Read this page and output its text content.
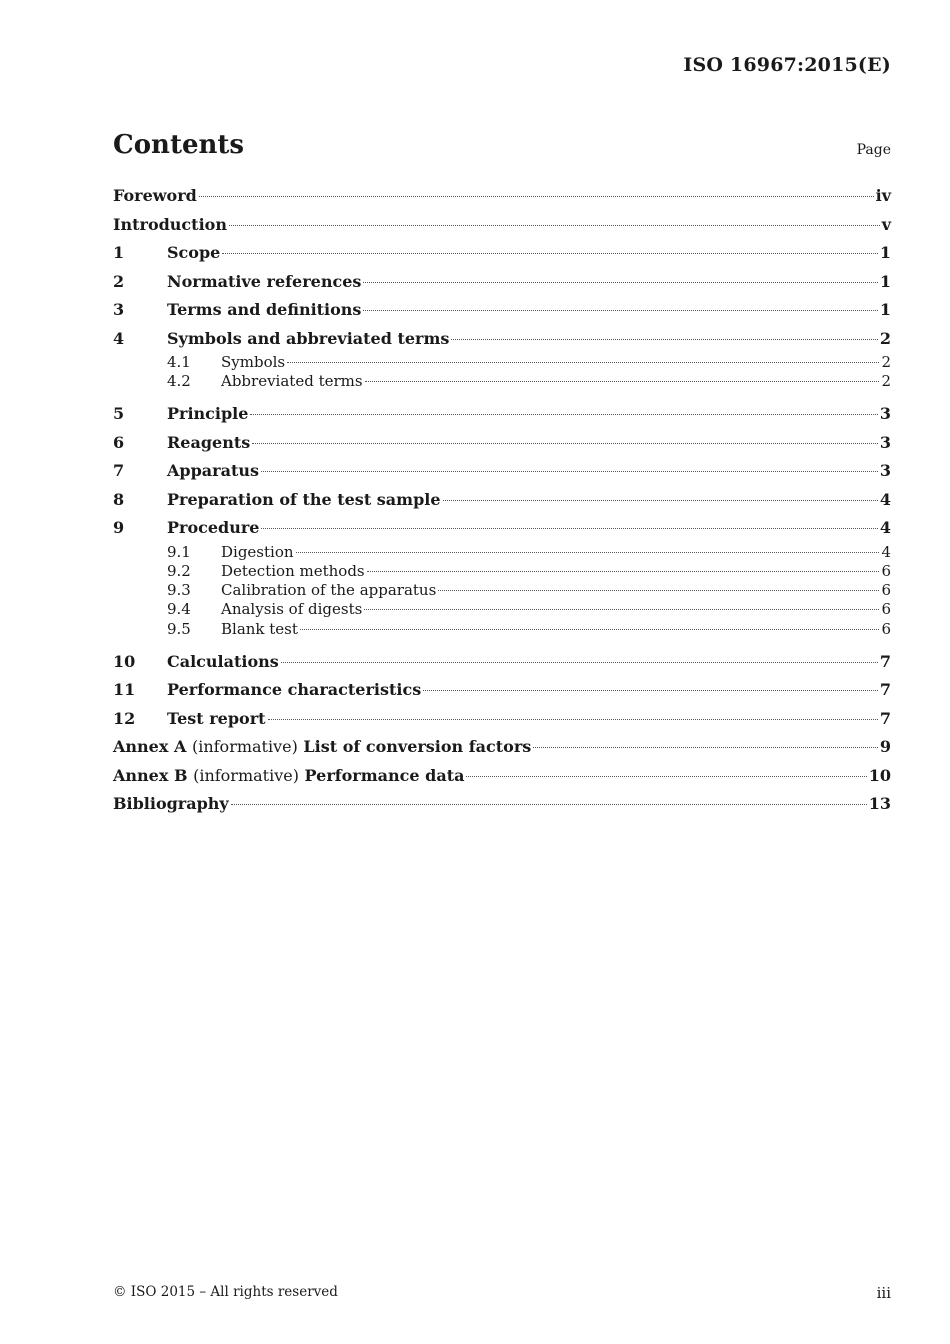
ISO 16967:2015(E)
Contents	Page
Foreword	iv
Introduction	v
1	Scope	1
2	Normative references	1
3	Terms and definitions	1
4	Symbols and abbreviated terms	2
4.1	Symbols	2
4.2	Abbreviated terms	2
5	Principle	3
6	Reagents	3
7	Apparatus	3
8	Preparation of the test sample	4
9	Procedure	4
9.1	Digestion	4
9.2	Detection methods	6
9.3	Calibration of the apparatus	6
9.4	Analysis of digests	6
9.5	Blank test	6
10	Calculations	7
11	Performance characteristics	7
12	Test report	7
Annex A (informative) List of conversion factors	9
Annex B (informative) Performance data	10
Bibliography	13
© ISO 2015 – All rights reserved	iii
